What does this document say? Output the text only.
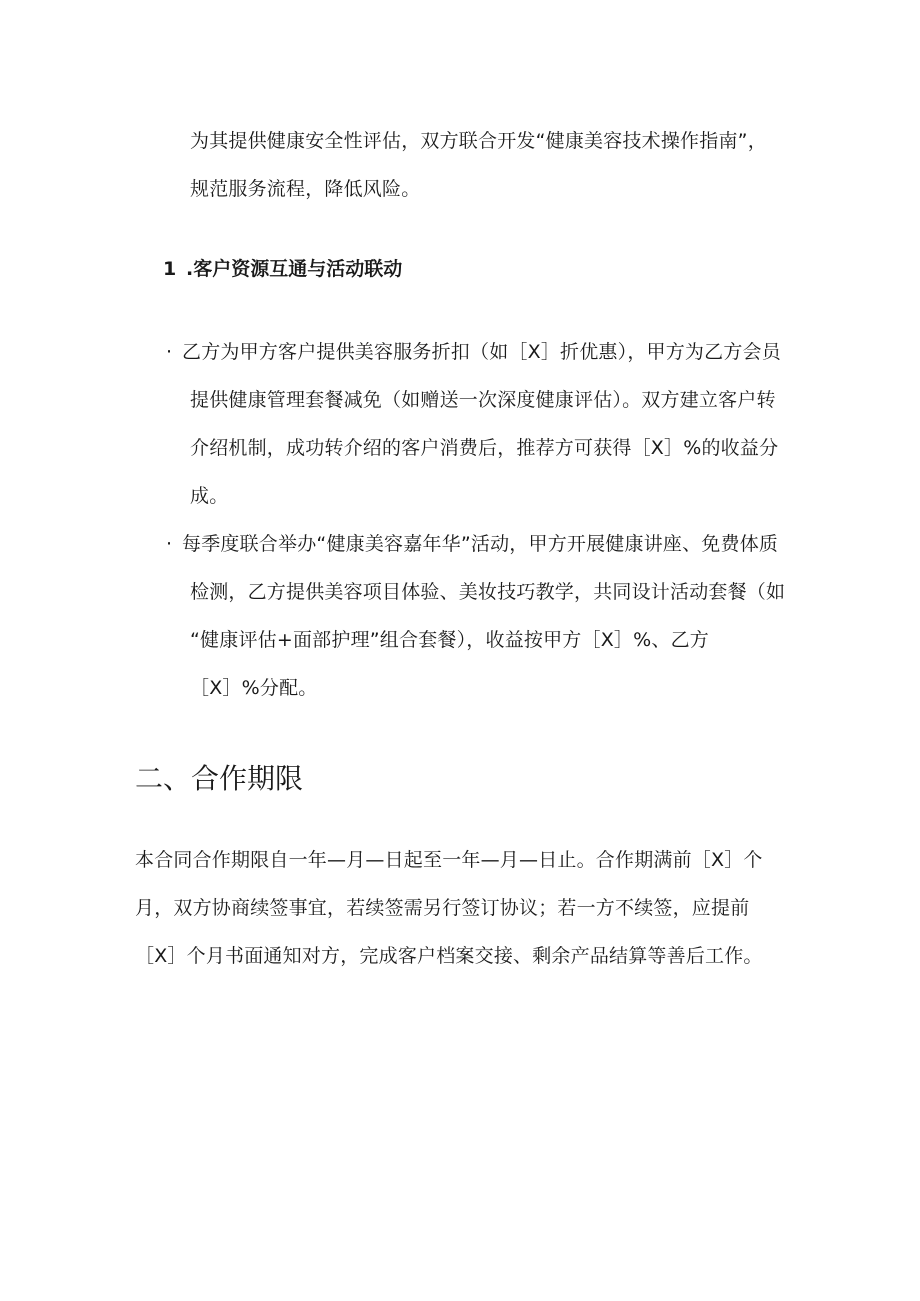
为其提供健康安全性评估，双方联合开发“健康美容技术操作指南”，
规范服务流程，降低风险。
1 .客户资源互通与活动联动
· 乙方为甲方客户提供美容服务折扣（如［X］折优惠），甲方为乙方会员
提供健康管理套餐减免（如赠送一次深度健康评估）。双方建立客户转
介绍机制，成功转介绍的客户消费后，推荐方可获得［X］%的收益分
成。
· 每季度联合举办“健康美容嘉年华”活动，甲方开展健康讲座、免费体质
检测，乙方提供美容项目体验、美妆技巧教学，共同设计活动套餐（如
“健康评估+面部护理”组合套餐），收益按甲方［X］%、乙方
［X］%分配。
二、合作期限
本合同合作期限自一年—月—日起至一年—月—日止。合作期满前［X］个
月，双方协商续签事宜，若续签需另行签订协议；若一方不续签，应提前
［X］个月书面通知对方，完成客户档案交接、剩余产品结算等善后工作。
